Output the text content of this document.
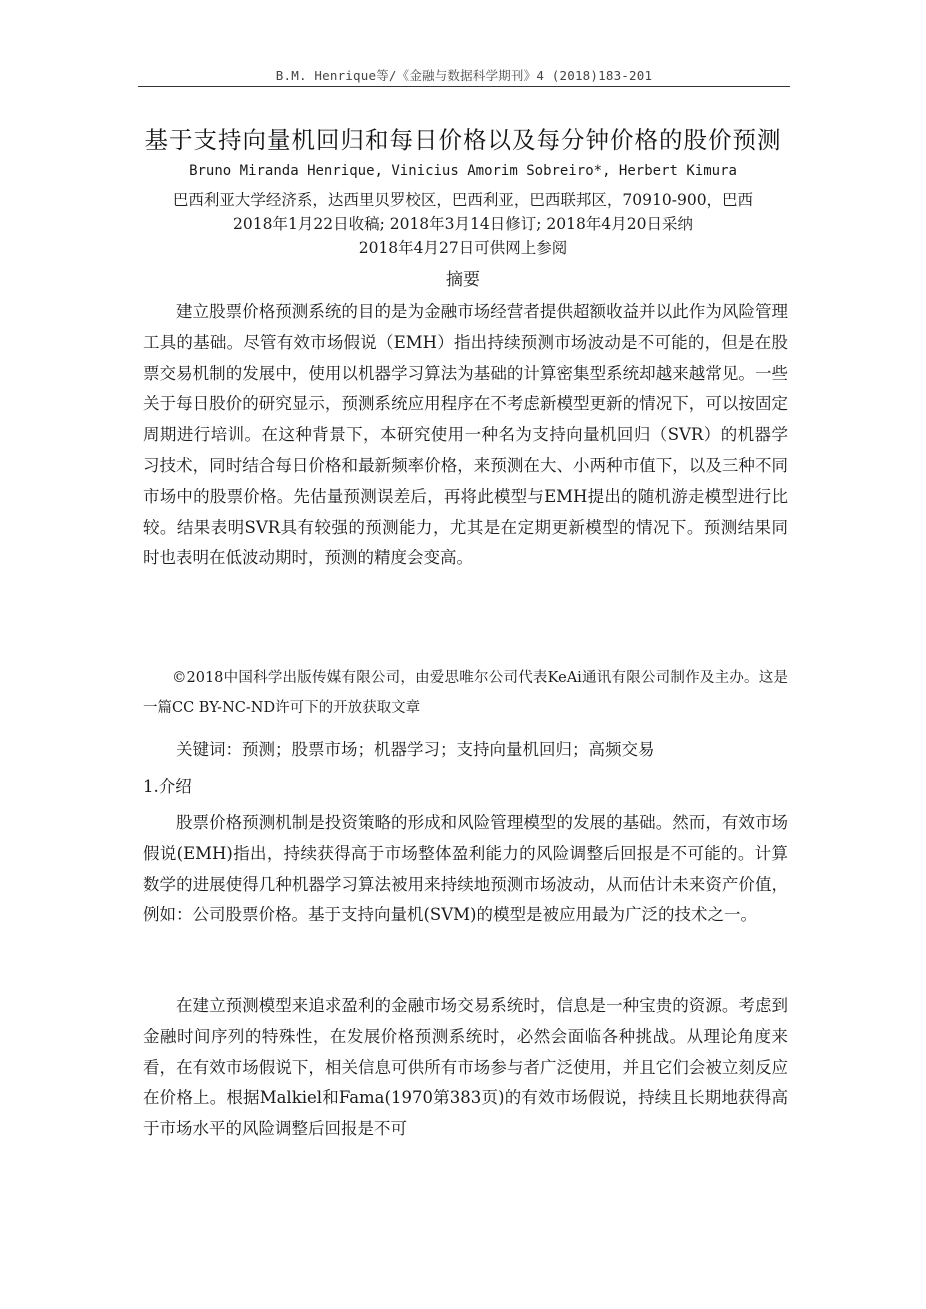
B.M. Henrique等/《金融与数据科学期刊》4 (2018)183-201
基于支持向量机回归和每日价格以及每分钟价格的股价预测

Bruno Miranda Henrique, Vinicius Amorim Sobreiro*, Herbert Kimura

巴西利亚大学经济系，达西里贝罗校区，巴西利亚，巴西联邦区，70910-900，巴西

2018年1月22日收稿; 2018年3月14日修订; 2018年4月20日采纳

2018年4月27日可供网上参阅

摘要

建立股票价格预测系统的目的是为金融市场经营者提供超额收益并以此作为风险管理工具的基础。尽管有效市场假说（EMH）指出持续预测市场波动是不可能的，但是在股票交易机制的发展中，使用以机器学习算法为基础的计算密集型系统却越来越常见。一些关于每日股价的研究显示，预测系统应用程序在不考虑新模型更新的情况下，可以按固定周期进行培训。在这种背景下，本研究使用一种名为支持向量机回归（SVR）的机器学习技术，同时结合每日价格和最新频率价格，来预测在大、小两种市值下，以及三种不同市场中的股票价格。先估量预测误差后，再将此模型与EMH提出的随机游走模型进行比较。结果表明SVR具有较强的预测能力，尤其是在定期更新模型的情况下。预测结果同时也表明在低波动期时，预测的精度会变高。

©2018中国科学出版传媒有限公司，由爱思唯尔公司代表KeAi通讯有限公司制作及主办。这是一篇CC BY-NC-ND许可下的开放获取文章

关键词：预测；股票市场；机器学习；支持向量机回归；高频交易

1.介绍

股票价格预测机制是投资策略的形成和风险管理模型的发展的基础。然而，有效市场假说(EMH)指出，持续获得高于市场整体盈利能力的风险调整后回报是不可能的。计算数学的进展使得几种机器学习算法被用来持续地预测市场波动，从而估计未来资产价值，例如：公司股票价格。基于支持向量机(SVM)的模型是被应用最为广泛的技术之一。

在建立预测模型来追求盈利的金融市场交易系统时，信息是一种宝贵的资源。考虑到金融时间序列的特殊性，在发展价格预测系统时，必然会面临各种挑战。从理论角度来看，在有效市场假说下，相关信息可供所有市场参与者广泛使用，并且它们会被立刻反应在价格上。根据Malkiel和Fama(1970第383页)的有效市场假说，持续且长期地获得高于市场水平的风险调整后回报是不可
